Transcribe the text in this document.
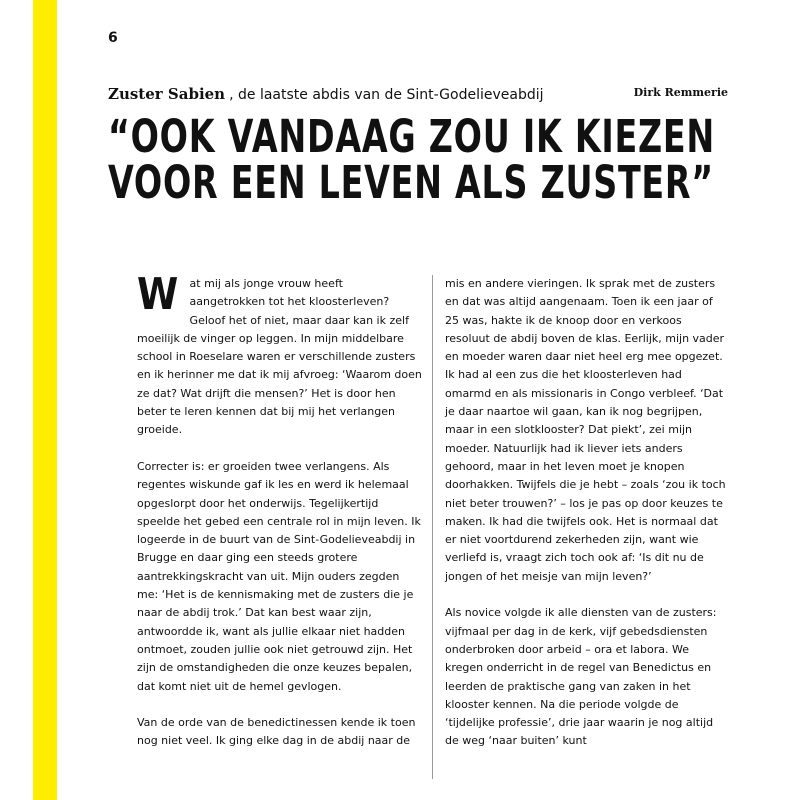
6
Zuster Sabien , de laatste abdis van de Sint-Godelieveabdij	Dirk Remmerie
“OOK VANDAAG ZOU IK KIEZEN
VOOR EEN LEVEN ALS ZUSTER”

W at mij als jonge vrouw heeft aangetrokken tot het kloosterleven? Geloof het of niet, maar daar kan ik zelf moeilijk de vinger op leggen. In mijn middelbare school in Roeselare waren er verschillende zusters en ik herinner me dat ik mij afvroeg: ‘Waarom doen ze dat? Wat drijft die mensen?’ Het is door hen beter te leren kennen dat bij mij het verlangen groeide.

Correcter is: er groeiden twee verlangens. Als regentes wiskunde gaf ik les en werd ik helemaal opgeslorpt door het onderwijs. Tegelijkertijd speelde het gebed een centrale rol in mijn leven. Ik logeerde in de buurt van de Sint-Godelieveabdij in Brugge en daar ging een steeds grotere aantrekkingskracht van uit. Mijn ouders zegden me: ‘Het is de kennismaking met de zusters die je naar de abdij trok.’ Dat kan best waar zijn, antwoordde ik, want als jullie elkaar niet hadden ontmoet, zouden jullie ook niet getrouwd zijn. Het zijn de omstandigheden die onze keuzes bepalen, dat komt niet uit de hemel gevlogen.

Van de orde van de benedictinessen kende ik toen nog niet veel. Ik ging elke dag in de abdij naar de

mis en andere vieringen. Ik sprak met de zusters en dat was altijd aangenaam. Toen ik een jaar of 25 was, hakte ik de knoop door en verkoos resoluut de abdij boven de klas. Eerlijk, mijn vader en moeder waren daar niet heel erg mee opgezet. Ik had al een zus die het kloosterleven had omarmd en als missionaris in Congo verbleef. ‘Dat je daar naartoe wil gaan, kan ik nog begrijpen, maar in een slotklooster? Dat piekt’, zei mijn moeder. Natuurlijk had ik liever iets anders gehoord, maar in het leven moet je knopen doorhakken. Twijfels die je hebt – zoals ‘zou ik toch niet beter trouwen?’ – los je pas op door keuzes te maken. Ik had die twijfels ook. Het is normaal dat er niet voortdurend zekerheden zijn, want wie verliefd is, vraagt zich toch ook af: ‘Is dit nu de jongen of het meisje van mijn leven?’

Als novice volgde ik alle diensten van de zusters: vijfmaal per dag in de kerk, vijf gebedsdiensten onderbroken door arbeid – ora et labora. We kregen onderricht in de regel van Benedictus en leerden de praktische gang van zaken in het klooster kennen. Na die periode volgde de ‘tijdelijke professie’, drie jaar waarin je nog altijd de weg ‘naar buiten’ kunt
